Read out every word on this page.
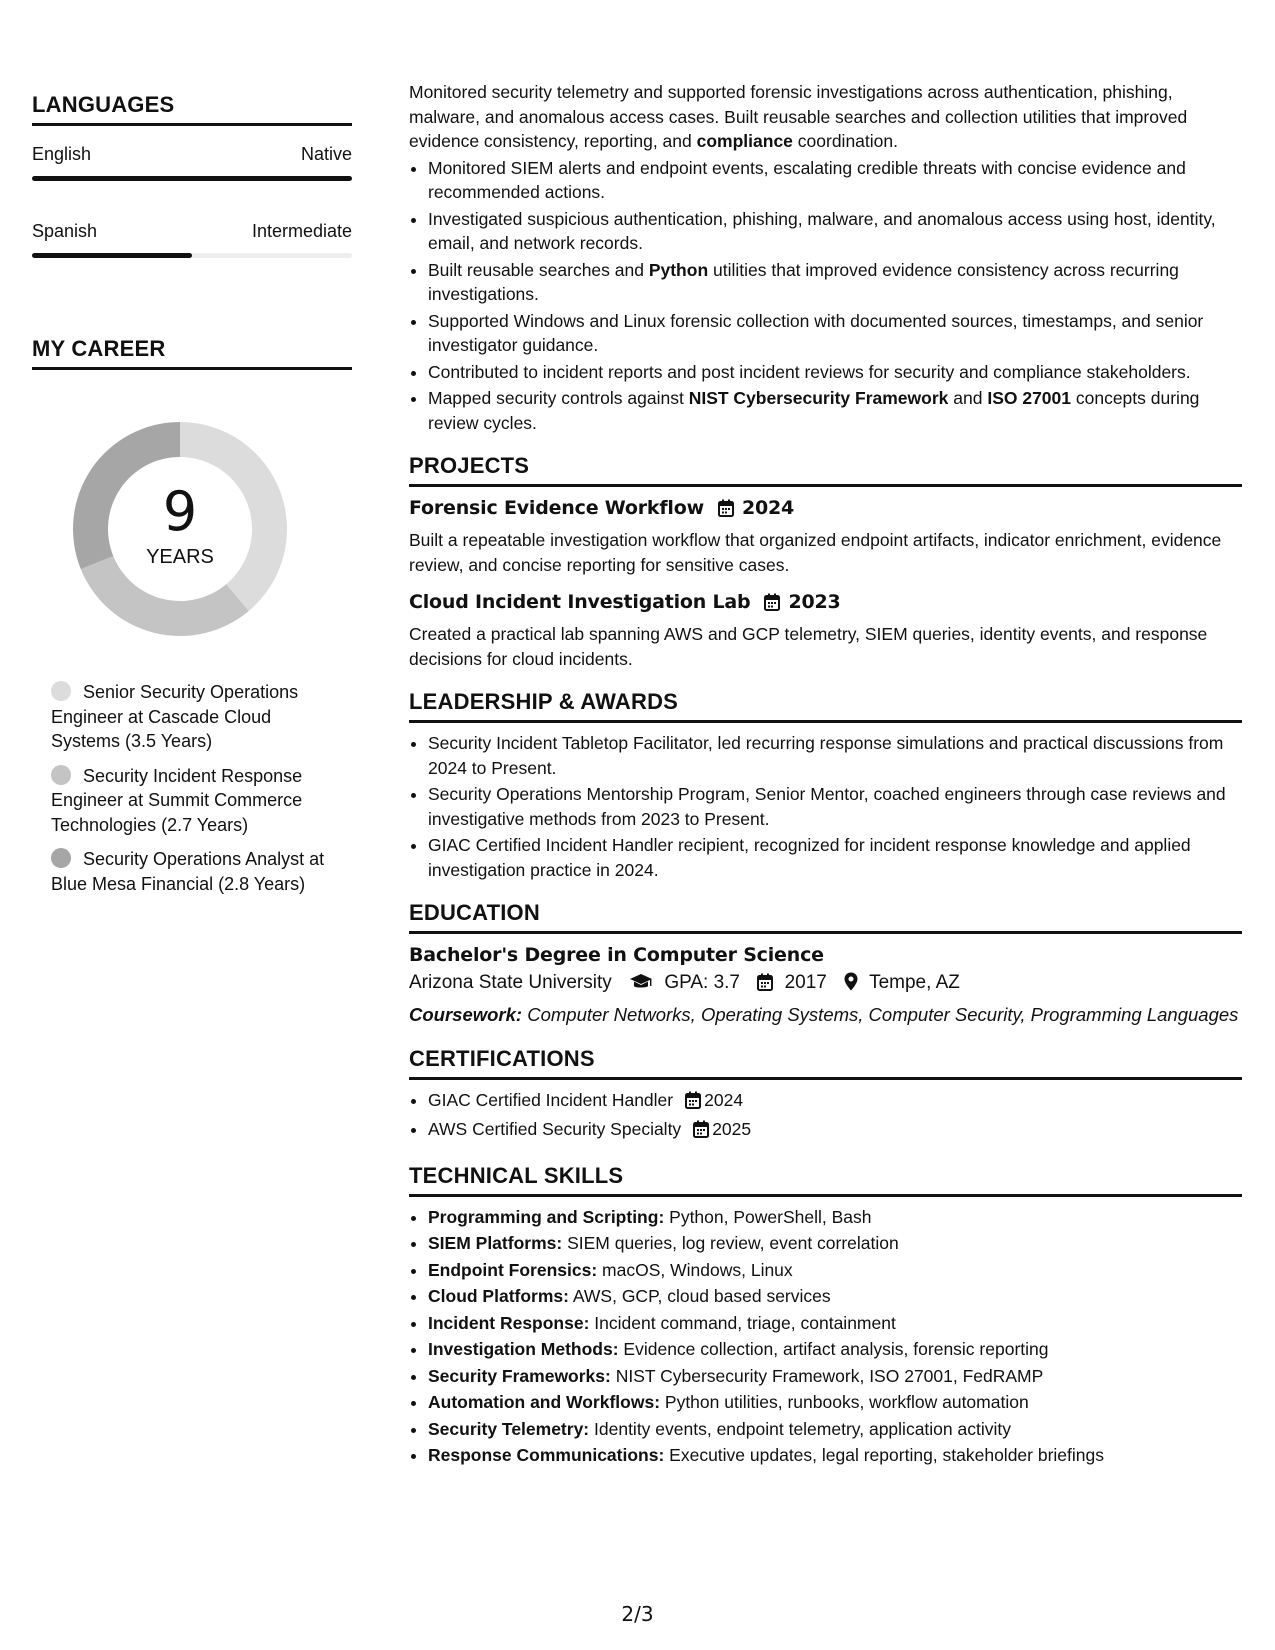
LANGUAGES
English	Native
Spanish	Intermediate
MY CAREER
9
YEARS
Senior Security Operations Engineer at Cascade Cloud Systems (3.5 Years)
Security Incident Response Engineer at Summit Commerce Technologies (2.7 Years)
Security Operations Analyst at Blue Mesa Financial (2.8 Years)

Monitored security telemetry and supported forensic investigations across authentication, phishing, malware, and anomalous access cases. Built reusable searches and collection utilities that improved evidence consistency, reporting, and compliance coordination.

• Monitored SIEM alerts and endpoint events, escalating credible threats with concise evidence and recommended actions.
• Investigated suspicious authentication, phishing, malware, and anomalous access using host, identity, email, and network records.
• Built reusable searches and Python utilities that improved evidence consistency across recurring investigations.
• Supported Windows and Linux forensic collection with documented sources, timestamps, and senior investigator guidance.
• Contributed to incident reports and post incident reviews for security and compliance stakeholders.
• Mapped security controls against NIST Cybersecurity Framework and ISO 27001 concepts during review cycles.
PROJECTS
Forensic Evidence Workflow 2024
Built a repeatable investigation workflow that organized endpoint artifacts, indicator enrichment, evidence review, and concise reporting for sensitive cases.
Cloud Incident Investigation Lab 2023
Created a practical lab spanning AWS and GCP telemetry, SIEM queries, identity events, and response decisions for cloud incidents.
LEADERSHIP & AWARDS
• Security Incident Tabletop Facilitator, led recurring response simulations and practical discussions from 2024 to Present.
• Security Operations Mentorship Program, Senior Mentor, coached engineers through case reviews and investigative methods from 2023 to Present.
• GIAC Certified Incident Handler recipient, recognized for incident response knowledge and applied investigation practice in 2024.
EDUCATION
Bachelor's Degree in Computer Science
Arizona State University	GPA: 3.7 2017 Tempe, AZ
Coursework: Computer Networks, Operating Systems, Computer Security, Programming Languages
CERTIFICATIONS
• GIAC Certified Incident Handler 2024
• AWS Certified Security Specialty 2025
TECHNICAL SKILLS
• Programming and Scripting: Python, PowerShell, Bash
• SIEM Platforms: SIEM queries, log review, event correlation
• Endpoint Forensics: macOS, Windows, Linux
• Cloud Platforms: AWS, GCP, cloud based services
• Incident Response: Incident command, triage, containment
• Investigation Methods: Evidence collection, artifact analysis, forensic reporting
• Security Frameworks: NIST Cybersecurity Framework, ISO 27001, FedRAMP
• Automation and Workflows: Python utilities, runbooks, workflow automation
• Security Telemetry: Identity events, endpoint telemetry, application activity
• Response Communications: Executive updates, legal reporting, stakeholder briefings
2/3
